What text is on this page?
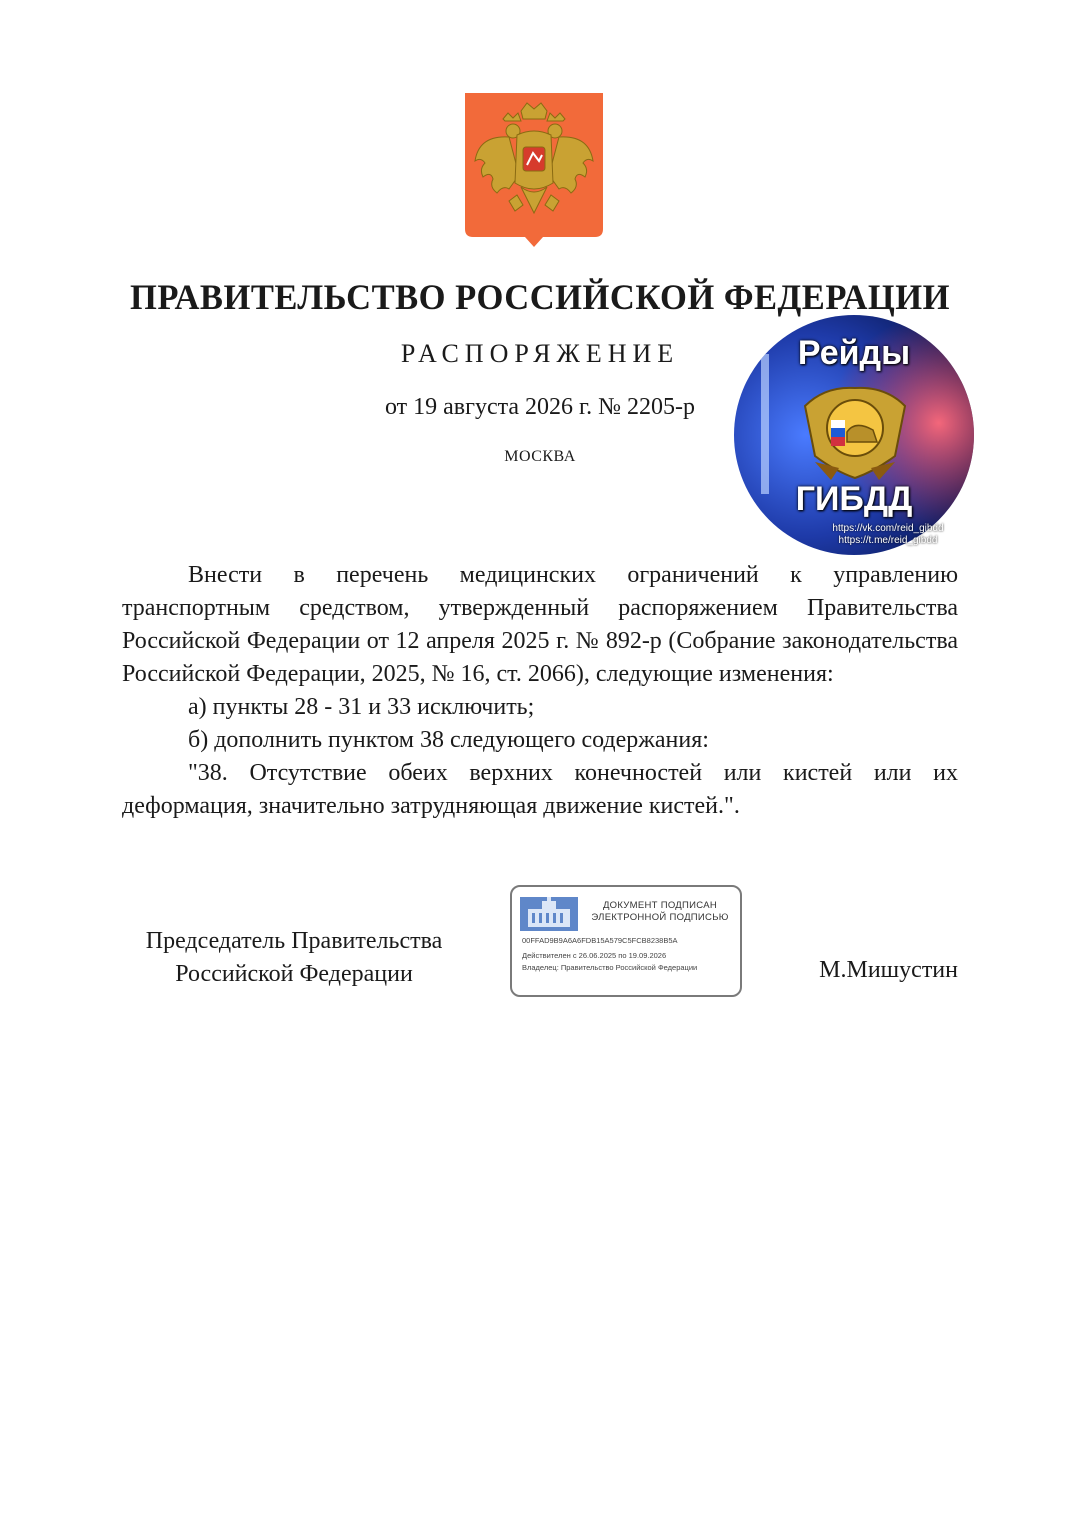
ПРАВИТЕЛЬСТВО РОССИЙСКОЙ ФЕДЕРАЦИИ
РАСПОРЯЖЕНИЕ
от 19 августа 2026 г. № 2205-р
МОСКВА
Рейды
ГИБДД
https://vk.com/reid_gibdd
https://t.me/reid_gibdd

Внести в перечень медицинских ограничений к управлению транспортным средством, утвержденный распоряжением Правительства Российской Федерации от 12 апреля 2025 г. № 892-р (Собрание законодательства Российской Федерации, 2025, № 16, ст. 2066), следующие изменения:

а) пункты 28 - 31 и 33 исключить;

б) дополнить пунктом 38 следующего содержания:

"38. Отсутствие обеих верхних конечностей или кистей или их деформация, значительно затрудняющая движение кистей.".

Председатель Правительства
Российской Федерации
ДОКУМЕНТ ПОДПИСАН
ЭЛЕКТРОННОЙ ПОДПИСЬЮ
00FFAD9B9A6A6FDB15A579C5FCB8238B5A
Действителен с 26.06.2025 по 19.09.2026
Владелец: Правительство Российской Федерации	М.Мишустин
